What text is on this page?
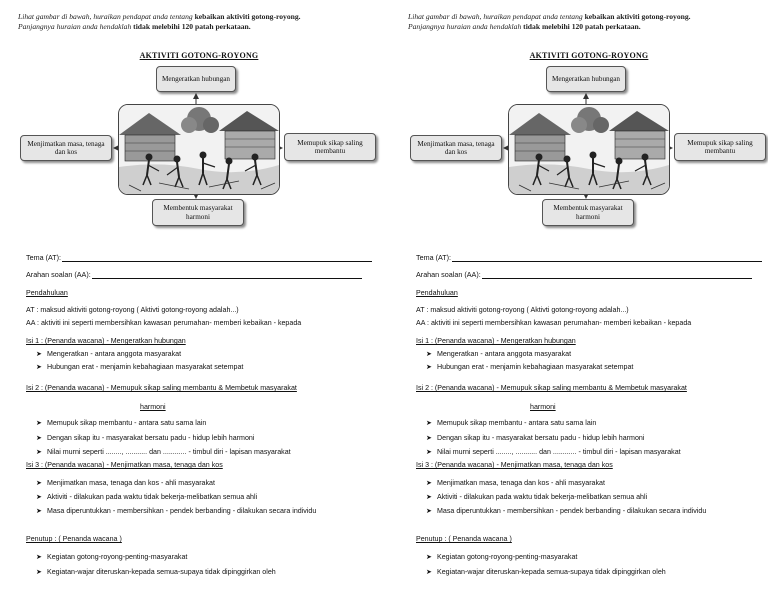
Lihat gambar di bawah, huraikan pendapat anda tentang kebaikan aktiviti gotong-royong.
Panjangnya huraian anda hendaklah tidak melebihi 120 patah perkataan.
AKTIVITI GOTONG-ROYONG
Mengeratkan hubungan
Menjimatkan masa, tenaga dan kos
Memupuk sikap saling membantu
Membentuk masyarakat harmoni
Tema (AT):
Arahan soalan (AA):
Pendahuluan
AT : maksud aktiviti gotong-royong ( Aktivti gotong-royong adalah...)
AA : aktiviti ini seperti membersihkan kawasan perumahan- memberi kebaikan - kepada
Isi 1 : (Penanda wacana) - Mengeratkan hubungan
➤ Mengeratkan - antara anggota masyarakat
➤ Hubungan erat - menjamin kebahagiaan masyarakat setempat
Isi 2 : (Penanda wacana) - Memupuk sikap saling membantu & Membetuk masyarakat
harmoni
➤ Memupuk sikap membantu - antara satu sama lain
➤ Dengan sikap itu - masyarakat bersatu padu - hidup lebih harmoni
➤ Nilai murni seperti ........, ........... dan ............ - timbul diri - lapisan masyarakat
Isi 3 : (Penanda wacana) - Menjimatkan masa, tenaga dan kos
➤ Menjimatkan masa, tenaga dan kos - ahli masyarakat
➤ Aktiviti - dilakukan pada waktu tidak bekerja-melibatkan semua ahli
➤ Masa diperuntukkan - membersihkan - pendek berbanding - dilakukan secara individu
Penutup : ( Penanda wacana )
➤ Kegiatan gotong-royong-penting-masyarakat
➤ Kegiatan-wajar diteruskan-kepada semua-supaya tidak dipinggirkan oleh
Lihat gambar di bawah, huraikan pendapat anda tentang kebaikan aktiviti gotong-royong.
Panjangnya huraian anda hendaklah tidak melebihi 120 patah perkataan.
AKTIVITI GOTONG-ROYONG
Mengeratkan hubungan
Menjimatkan masa, tenaga dan kos
Memupuk sikap saling membantu
Membentuk masyarakat harmoni
Tema (AT):
Arahan soalan (AA):
Pendahuluan
AT : maksud aktiviti gotong-royong ( Aktivti gotong-royong adalah...)
AA : aktiviti ini seperti membersihkan kawasan perumahan- memberi kebaikan - kepada
Isi 1 : (Penanda wacana) - Mengeratkan hubungan
➤ Mengeratkan - antara anggota masyarakat
➤ Hubungan erat - menjamin kebahagiaan masyarakat setempat
Isi 2 : (Penanda wacana) - Memupuk sikap saling membantu & Membetuk masyarakat
harmoni
➤ Memupuk sikap membantu - antara satu sama lain
➤ Dengan sikap itu - masyarakat bersatu padu - hidup lebih harmoni
➤ Nilai murni seperti ........, ........... dan ............ - timbul diri - lapisan masyarakat
Isi 3 : (Penanda wacana) - Menjimatkan masa, tenaga dan kos
➤ Menjimatkan masa, tenaga dan kos - ahli masyarakat
➤ Aktiviti - dilakukan pada waktu tidak bekerja-melibatkan semua ahli
➤ Masa diperuntukkan - membersihkan - pendek berbanding - dilakukan secara individu
Penutup : ( Penanda wacana )
➤ Kegiatan gotong-royong-penting-masyarakat
➤ Kegiatan-wajar diteruskan-kepada semua-supaya tidak dipinggirkan oleh
